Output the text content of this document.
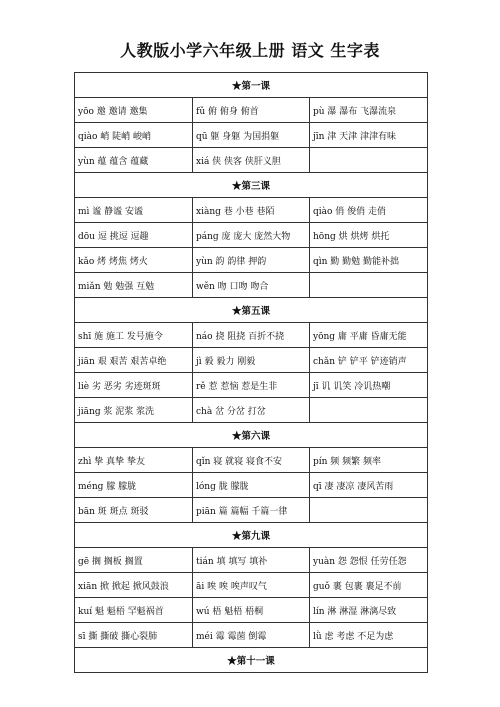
人教版小学六年级上册 语文 生字表
★第一课		
yōo 邀 邀请 邀集	fǔ 俯 俯身 俯首	pù 瀑 瀑布 飞瀑流泉
qiào 峭 陡峭 峻峭	qū 躯 身躯 为国捐躯	jīn 津 天津 津津有味
yùn 蕴 蕴含 蕴藏	xiá 侠 侠客 侠肝义胆	
★第三课		
mì 谧 静谧 安谧	xiàng 巷 小巷 巷陌	qiào 俏 俊俏 走俏
dōu 逗 挑逗 逗趣	páng 庞 庞大 庞然大物	hōng 烘 烘烤 烘托
kǎo 烤 烤焦 烤火	yùn 韵 韵律 押韵	qìn 勤 勤勉 勤能补拙
miǎn 勉 勉强 互勉	wěn 吻 口吻 吻合	
★第五课		
shī 施 施工 发号施令	náo 挠 阻挠 百折不挠	yōng 庸 平庸 昏庸无能
jiān 艰 艰苦 艰苦卓绝	jì 毅 毅力 刚毅	chǎn 铲 铲平 铲迹销声
liè 劣 恶劣 劣迹斑斑	rě 惹 惹恼 惹是生非	jī 讥 讥笑 冷讥热嘲
jiāng 浆 泥浆 浆洗	chà 岔 分岔 打岔	
★第六课		
zhì 挚 真挚 挚友	qǐn 寝 就寝 寝食不安	pín 频 频繁 频率
méng 朦 朦胧	lóng 胧 朦胧	qī 凄 凄凉 凄风苦雨
bān 斑 斑点 斑驳	piān 篇 篇幅 千篇一律	
★第九课		
gē 搁 搁板 搁置	tián 填 填写 填补	yuàn 怨 怨恨 任劳任怨
xiān 掀 掀起 掀风鼓浪	āi 唉 唉 唉声叹气	guǒ 裹 包裹 裹足不前
kuí 魁 魁梧 罕魁祸首	wú 梧 魁梧 梧桐	lín 淋 淋湿 淋漓尽致
sī 撕 撕破 撕心裂肺	méi 霉 霉菌 倒霉	lǜ 虑 考虑 不足为虑
★第十一课		
